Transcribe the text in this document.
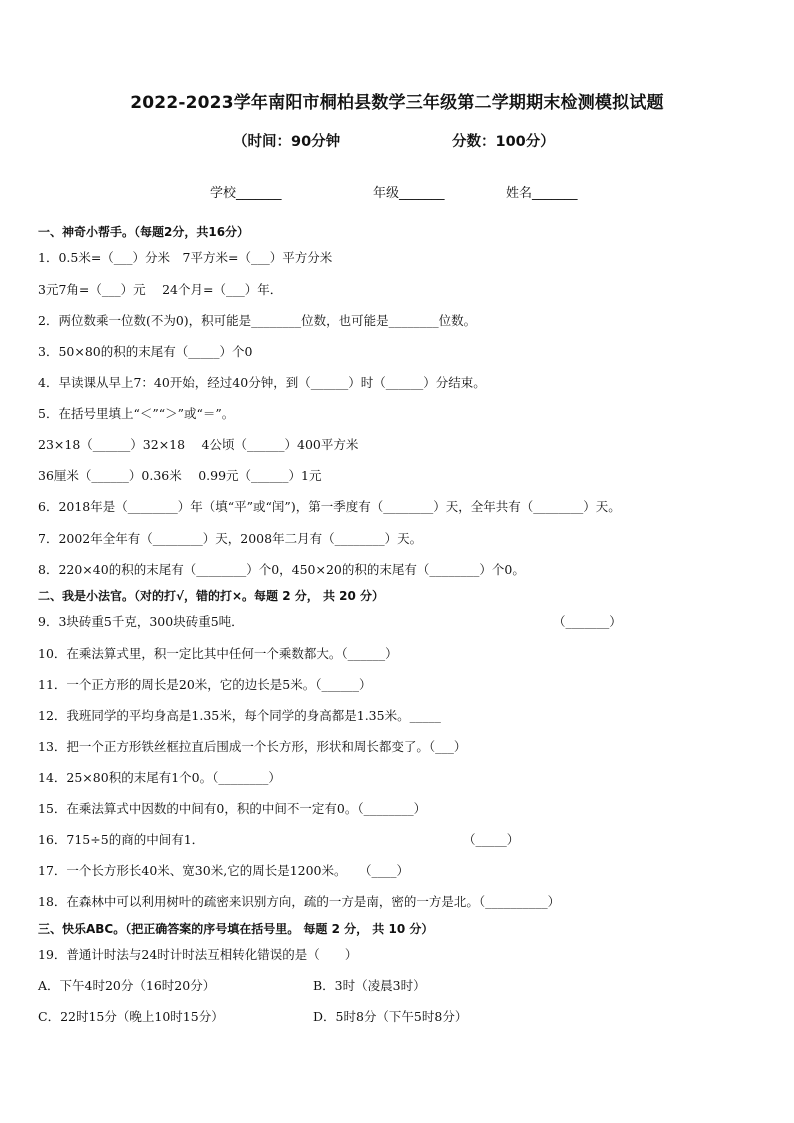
2022-2023学年南阳市桐柏县数学三年级第二学期期末检测模拟试题
（时间：90分钟	分数：100分）
学校_______	年级_______	姓名_______
一、神奇小帮手。（每题2分，共16分）
1．0.5米=（___）分米　7平方米=（___）平方分米
3元7角=（___）元　 24个月=（___）年．
2．两位数乘一位数(不为0)，积可能是________位数，也可能是________位数。
3．50×80的积的末尾有（_____）个0
4．早读课从早上7：40开始，经过40分钟，到（______）时（______）分结束。
5．在括号里填上“＜”“＞”或“＝”。
23×18（______）32×18　 4公顷（______）400平方米
36厘米（______）0.36米　 0.99元（______）1元
6．2018年是（________）年（填“平”或“闰”)，第一季度有（________）天，全年共有（________）天。
7．2002年全年有（________）天，2008年二月有（________）天。
8．220×40的积的末尾有（________）个0，450×20的积的末尾有（________）个0。
二、我是小法官。（对的打√，错的打×。每题 2 分， 共 20 分）
9．3块砖重5千克，300块砖重5吨．	（_______）
10．在乘法算式里，积一定比其中任何一个乘数都大。（______）
11．一个正方形的周长是20米，它的边长是5米。（______）
12．我班同学的平均身高是1.35米，每个同学的身高都是1.35米。_____
13．把一个正方形铁丝框拉直后围成一个长方形，形状和周长都变了。（___）
14．25×80积的末尾有1个0。（________）
15．在乘法算式中因数的中间有0，积的中间不一定有0。（________）
16．715÷5的商的中间有1．	（_____）
17．一个长方形长40米、宽30米,它的周长是1200米。　　（____）
18．在森林中可以利用树叶的疏密来识别方向，疏的一方是南，密的一方是北。（__________）
三、快乐ABC。（把正确答案的序号填在括号里。 每题 2 分， 共 10 分）
19．普通计时法与24时计时法互相转化错误的是（　　）
A．下午4时20分（16时20分）	B．3时（凌晨3时）
C．22时15分（晚上10时15分）	D．5时8分（下午5时8分）
